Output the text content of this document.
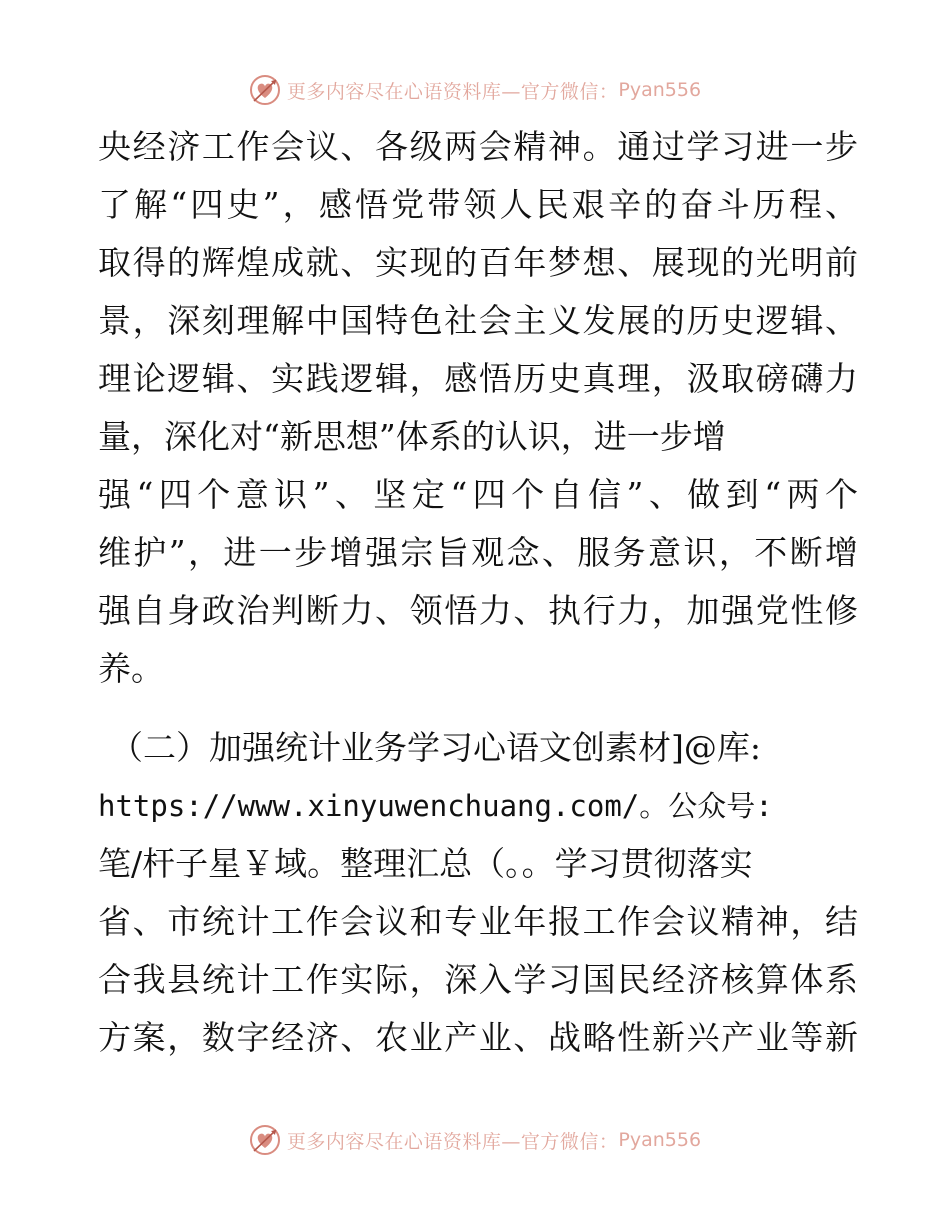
更多内容尽在心语资料库—官方微信： Pyan556
央经济工作会议、各级两会精神。通过学习进一步
了解“四史”，感悟党带领人民艰辛的奋斗历程、
取得的辉煌成就、实现的百年梦想、展现的光明前
景，深刻理解中国特色社会主义发展的历史逻辑、
理论逻辑、实践逻辑，感悟历史真理，汲取磅礴力
量，深化对“新思想”体系的认识，进一步增
强“四个意识”、坚定“四个自信”、做到“两个
维护”，进一步增强宗旨观念、服务意识，不断增
强自身政治判断力、领悟力、执行力，加强党性修
养。
（二）加强统计业务学习心语文创素材]@库:
https://www.xinyuwenchuang.com/。公众号:
笔/杆子星￥域。整理汇总（。。学习贯彻落实
省、市统计工作会议和专业年报工作会议精神，结
合我县统计工作实际，深入学习国民经济核算体系
方案，数字经济、农业产业、战略性新兴产业等新
更多内容尽在心语资料库—官方微信： Pyan556
